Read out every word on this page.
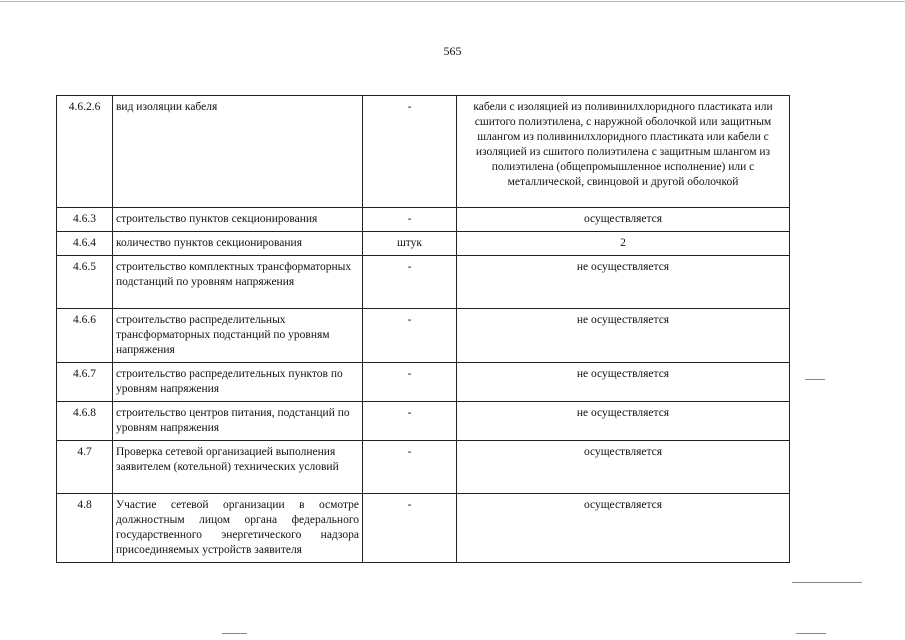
565
4.6.2.6	вид изоляции кабеля	-	кабели с изоляцией из поливинилхлоридного пластиката или сшитого полиэтилена, с наружной оболочкой или защитным шлангом из поливинилхлоридного пластиката или кабели с изоляцией из сшитого полиэтилена с защитным шлангом из полиэтилена (общепромышленное исполнение) или с металлической, свинцовой и другой оболочкой
4.6.3	строительство пунктов секционирования	-	осуществляется
4.6.4	количество пунктов секционирования	штук	2
4.6.5	строительство комплектных трансформаторных подстанций по уровням напряжения	-	не осуществляется
4.6.6	строительство распределительных трансформаторных подстанций по уровням напряжения	-	не осуществляется
4.6.7	строительство распределительных пунктов по уровням напряжения	-	не осуществляется
4.6.8	строительство центров питания, подстанций по уровням напряжения	-	не осуществляется
4.7	Проверка сетевой организацией выполнения заявителем (котельной) технических условий	-	осуществляется
4.8	Участие сетевой организации в осмотре должностным лицом органа федерального государственного энергетического надзора присоединяемых устройств заявителя	-	осуществляется
